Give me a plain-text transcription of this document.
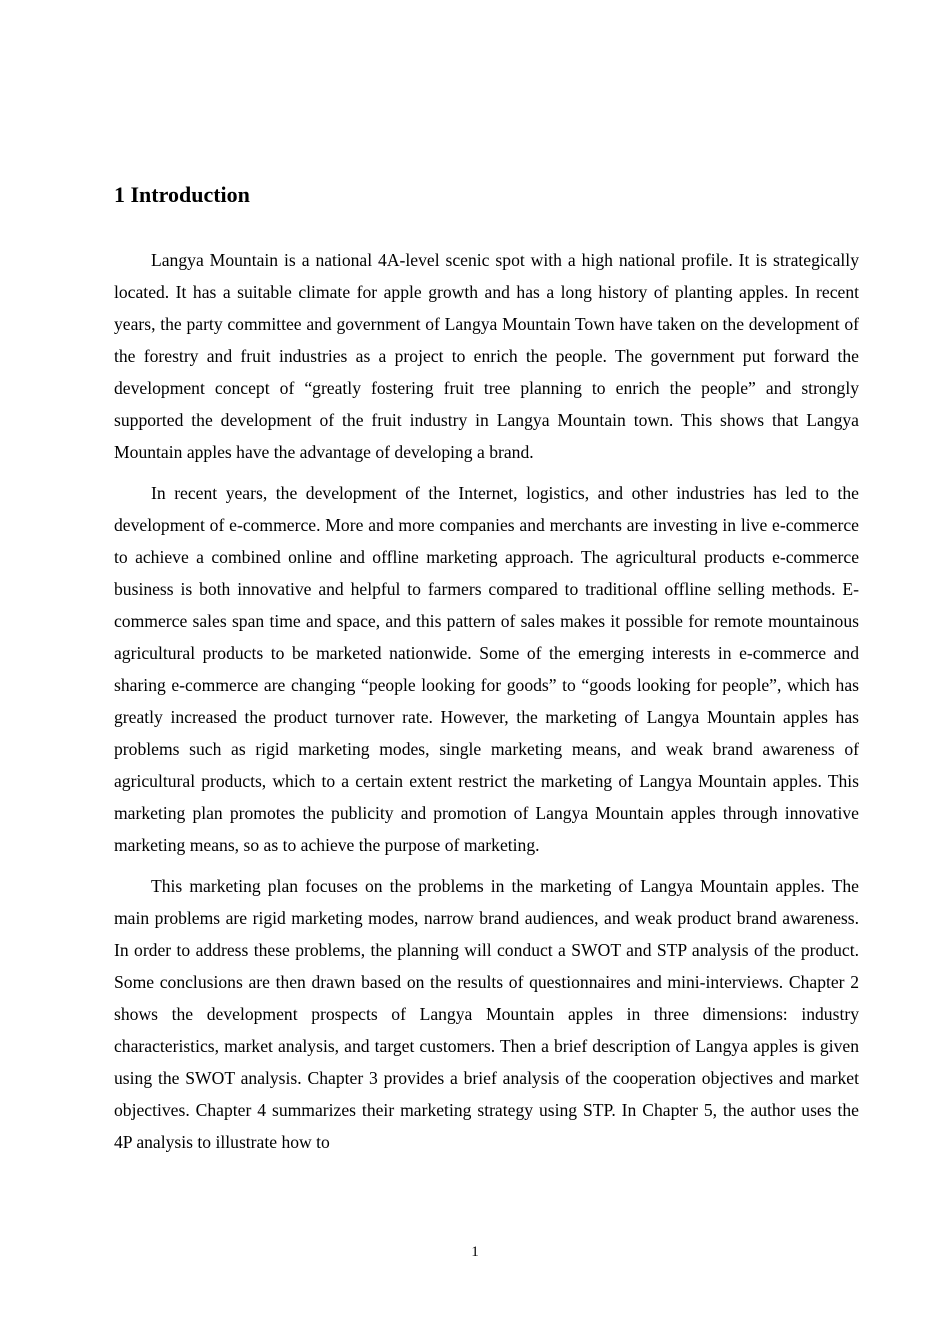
1 Introduction

Langya Mountain is a national 4A-level scenic spot with a high national profile. It is strategically located. It has a suitable climate for apple growth and has a long history of planting apples. In recent years, the party committee and government of Langya Mountain Town have taken on the development of the forestry and fruit industries as a project to enrich the people. The government put forward the development concept of “greatly fostering fruit tree planning to enrich the people” and strongly supported the development of the fruit industry in Langya Mountain town. This shows that Langya Mountain apples have the advantage of developing a brand.

In recent years, the development of the Internet, logistics, and other industries has led to the development of e-commerce. More and more companies and merchants are investing in live e-commerce to achieve a combined online and offline marketing approach. The agricultural products e-commerce business is both innovative and helpful to farmers compared to traditional offline selling methods. E-commerce sales span time and space, and this pattern of sales makes it possible for remote mountainous agricultural products to be marketed nationwide. Some of the emerging interests in e-commerce and sharing e-commerce are changing “people looking for goods” to “goods looking for people”, which has greatly increased the product turnover rate. However, the marketing of Langya Mountain apples has problems such as rigid marketing modes, single marketing means, and weak brand awareness of agricultural products, which to a certain extent restrict the marketing of Langya Mountain apples. This marketing plan promotes the publicity and promotion of Langya Mountain apples through innovative marketing means, so as to achieve the purpose of marketing.

This marketing plan focuses on the problems in the marketing of Langya Mountain apples. The main problems are rigid marketing modes, narrow brand audiences, and weak product brand awareness. In order to address these problems, the planning will conduct a SWOT and STP analysis of the product. Some conclusions are then drawn based on the results of questionnaires and mini-interviews. Chapter 2 shows the development prospects of Langya Mountain apples in three dimensions: industry characteristics, market analysis, and target customers. Then a brief description of Langya apples is given using the SWOT analysis. Chapter 3 provides a brief analysis of the cooperation objectives and market objectives. Chapter 4 summarizes their marketing strategy using STP. In Chapter 5, the author uses the 4P analysis to illustrate how to

1
